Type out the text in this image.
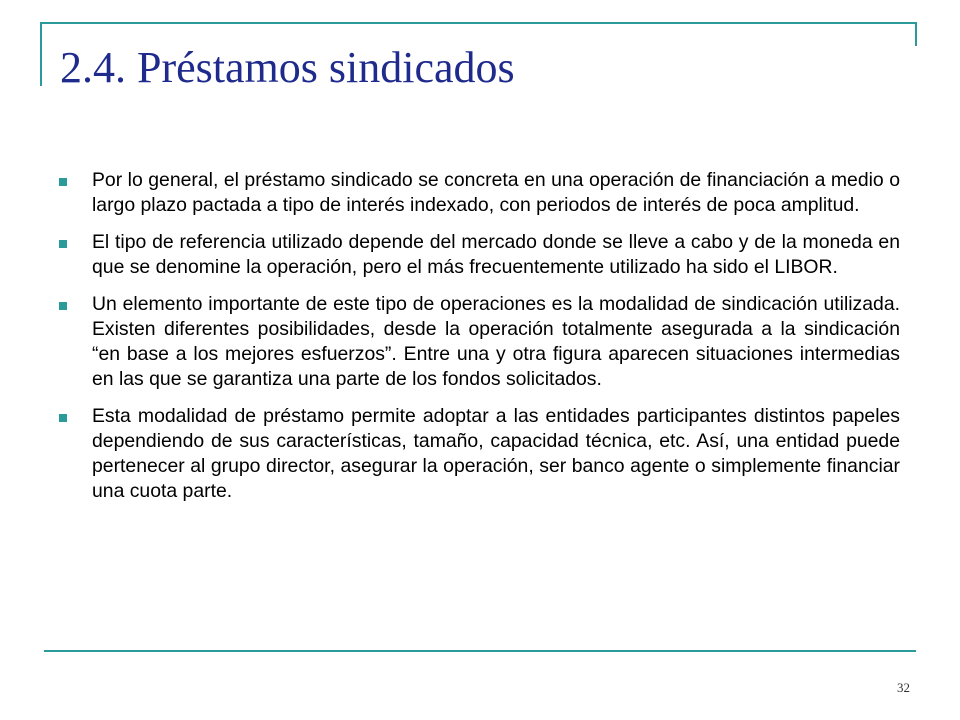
2.4. Préstamos sindicados
Por lo general, el préstamo sindicado se concreta en una operación de financiación a medio o largo plazo pactada a tipo de interés indexado, con periodos de interés de poca amplitud.
El tipo de referencia utilizado depende del mercado donde se lleve a cabo y de la moneda en que se denomine la operación, pero el más frecuentemente utilizado ha sido el LIBOR.
Un elemento importante de este tipo de operaciones es la modalidad de sindicación utilizada. Existen diferentes posibilidades, desde la operación totalmente asegurada a la sindicación “en base a los mejores esfuerzos”. Entre una y otra figura aparecen situaciones intermedias en las que se garantiza una parte de los fondos solicitados.
Esta modalidad de préstamo permite adoptar a las entidades participantes distintos papeles dependiendo de sus características, tamaño, capacidad técnica, etc. Así, una entidad puede pertenecer al grupo director, asegurar la operación, ser banco agente o simplemente financiar una cuota parte.
32
